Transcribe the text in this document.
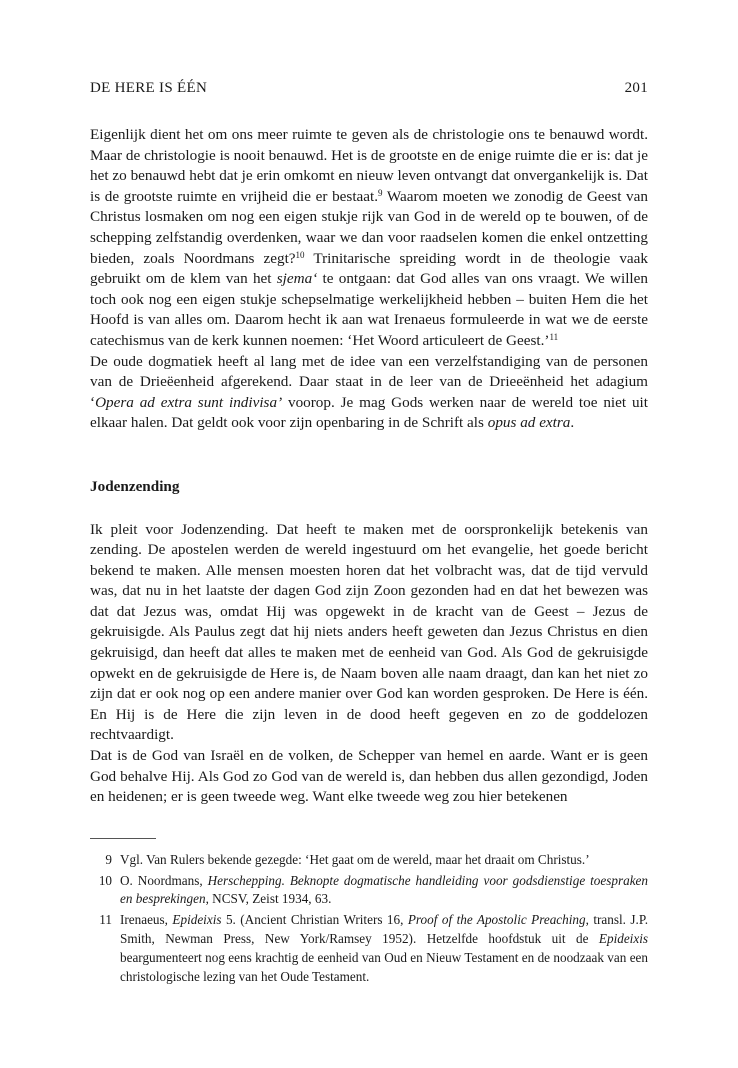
DE HERE IS ÉÉN	201

Eigenlijk dient het om ons meer ruimte te geven als de christologie ons te benauwd wordt. Maar de christologie is nooit benauwd. Het is de grootste en de enige ruimte die er is: dat je het zo benauwd hebt dat je erin omkomt en nieuw leven ontvangt dat onvergankelijk is. Dat is de grootste ruimte en vrijheid die er bestaat.$^9$ Waarom moeten we zonodig de Geest van Christus losmaken om nog een eigen stukje rijk van God in de wereld op te bouwen, of de schepping zelfstandig overdenken, waar we dan voor raadselen komen die enkel ontzetting bieden, zoals Noordmans zegt?$^{10}$ Trinitarische spreiding wordt in de theologie vaak gebruikt om de klem van het sjema‘ te ontgaan: dat God alles van ons vraagt. We willen toch ook nog een eigen stukje schepselmatige werkelijkheid hebben – buiten Hem die het Hoofd is van alles om. Daarom hecht ik aan wat Irenaeus formuleerde in wat we de eerste catechismus van de kerk kunnen noemen: ‘Het Woord articuleert de Geest.’$^{11}$

De oude dogmatiek heeft al lang met de idee van een verzelfstandiging van de personen van de Drieëenheid afgerekend. Daar staat in de leer van de Drieeënheid het adagium ‘Opera ad extra sunt indivisa’ voorop. Je mag Gods werken naar de wereld toe niet uit elkaar halen. Dat geldt ook voor zijn openbaring in de Schrift als opus ad extra.

Jodenzending

Ik pleit voor Jodenzending. Dat heeft te maken met de oorspronkelijk betekenis van zending. De apostelen werden de wereld ingestuurd om het evangelie, het goede bericht bekend te maken. Alle mensen moesten horen dat het volbracht was, dat de tijd vervuld was, dat nu in het laatste der dagen God zijn Zoon gezonden had en dat het bewezen was dat dat Jezus was, omdat Hij was opgewekt in de kracht van de Geest – Jezus de gekruisigde. Als Paulus zegt dat hij niets anders heeft geweten dan Jezus Christus en dien gekruisigd, dan heeft dat alles te maken met de eenheid van God. Als God de gekruisigde opwekt en de gekruisigde de Here is, de Naam boven alle naam draagt, dan kan het niet zo zijn dat er ook nog op een andere manier over God kan worden gesproken. De Here is één. En Hij is de Here die zijn leven in de dood heeft gegeven en zo de goddelozen rechtvaardigt.

Dat is de God van Israël en de volken, de Schepper van hemel en aarde. Want er is geen God behalve Hij. Als God zo God van de wereld is, dan hebben dus allen gezondigd, Joden en heidenen; er is geen tweede weg. Want elke tweede weg zou hier betekenen

9 Vgl. Van Rulers bekende gezegde: ‘Het gaat om de wereld, maar het draait om Christus.’
10 O. Noordmans, Herschepping. Beknopte dogmatische handleiding voor godsdienstige toespraken en besprekingen, NCSV, Zeist 1934, 63.
11 Irenaeus, Epideixis 5. (Ancient Christian Writers 16, Proof of the Apostolic Preaching, transl. J.P. Smith, Newman Press, New York/Ramsey 1952). Hetzelfde hoofdstuk uit de Epideixis beargumenteert nog eens krachtig de eenheid van Oud en Nieuw Testament en de noodzaak van een christologische lezing van het Oude Testament.
